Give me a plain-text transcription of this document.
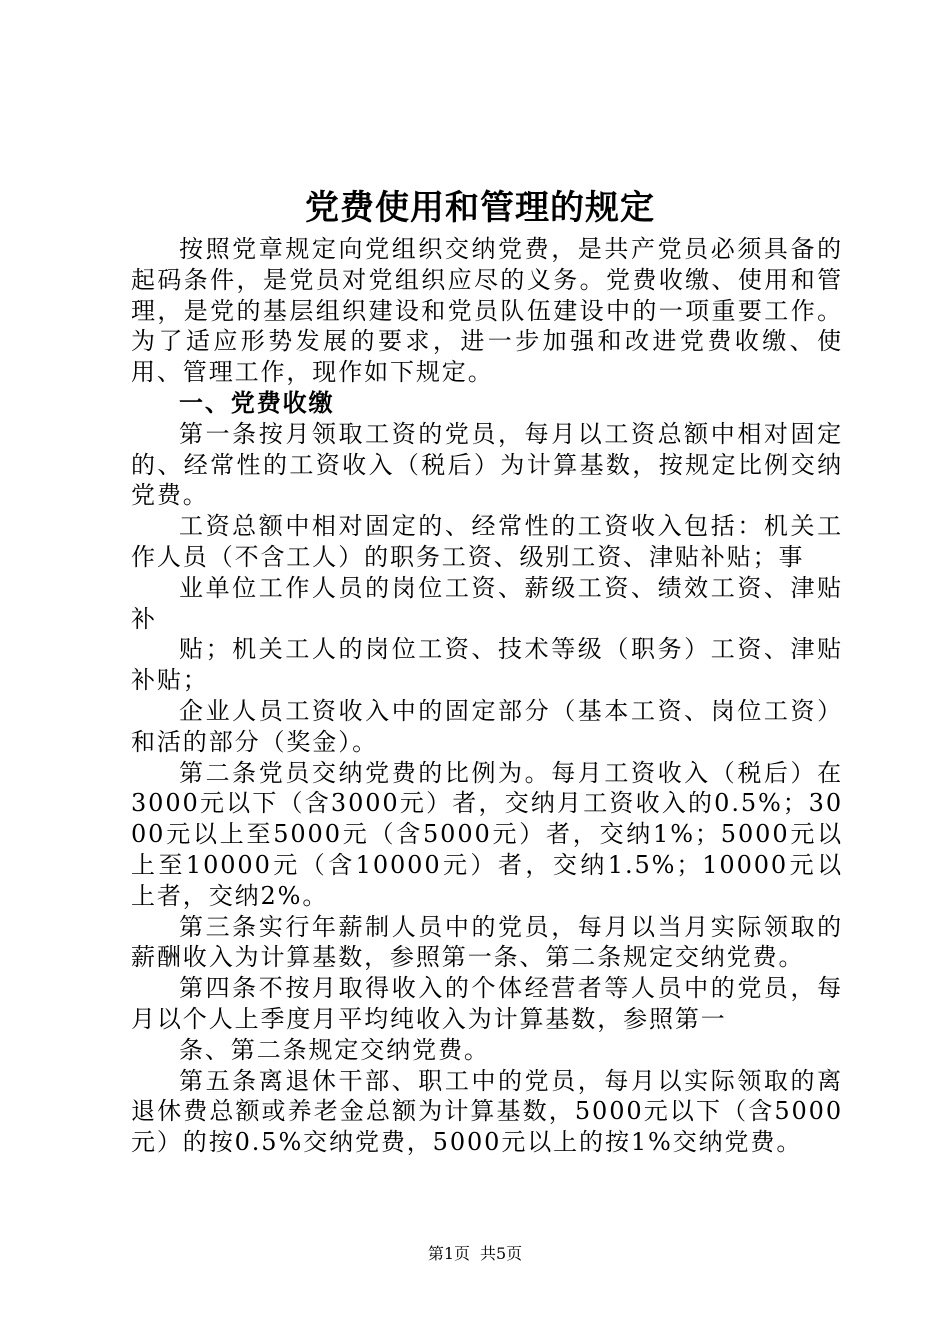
党费使用和管理的规定

按照党章规定向党组织交纳党费，是共产党员必须具备的起码条件，是党员对党组织应尽的义务。党费收缴、使用和管理，是党的基层组织建设和党员队伍建设中的一项重要工作。为了适应形势发展的要求，进一步加强和改进党费收缴、使用、管理工作，现作如下规定。

一、党费收缴

第一条按月领取工资的党员，每月以工资总额中相对固定的、经常性的工资收入（税后）为计算基数，按规定比例交纳党费。

工资总额中相对固定的、经常性的工资收入包括：机关工作人员（不含工人）的职务工资、级别工资、津贴补贴；事

业单位工作人员的岗位工资、薪级工资、绩效工资、津贴补

贴；机关工人的岗位工资、技术等级（职务）工资、津贴补贴；

企业人员工资收入中的固定部分（基本工资、岗位工资）和活的部分（奖金）。

第二条党员交纳党费的比例为。每月工资收入（税后）在3000元以下（含3000元）者，交纳月工资收入的0.5%；3000元以上至5000元（含5000元）者，交纳1%；5000元以上至10000元（含10000元）者，交纳1.5%；10000元以上者，交纳2%。

第三条实行年薪制人员中的党员，每月以当月实际领取的薪酬收入为计算基数，参照第一条、第二条规定交纳党费。

第四条不按月取得收入的个体经营者等人员中的党员，每月以个人上季度月平均纯收入为计算基数，参照第一

条、第二条规定交纳党费。

第五条离退休干部、职工中的党员，每月以实际领取的离退休费总额或养老金总额为计算基数，5000元以下（含5000元）的按0.5%交纳党费，5000元以上的按1%交纳党费。

第1页 共5页
